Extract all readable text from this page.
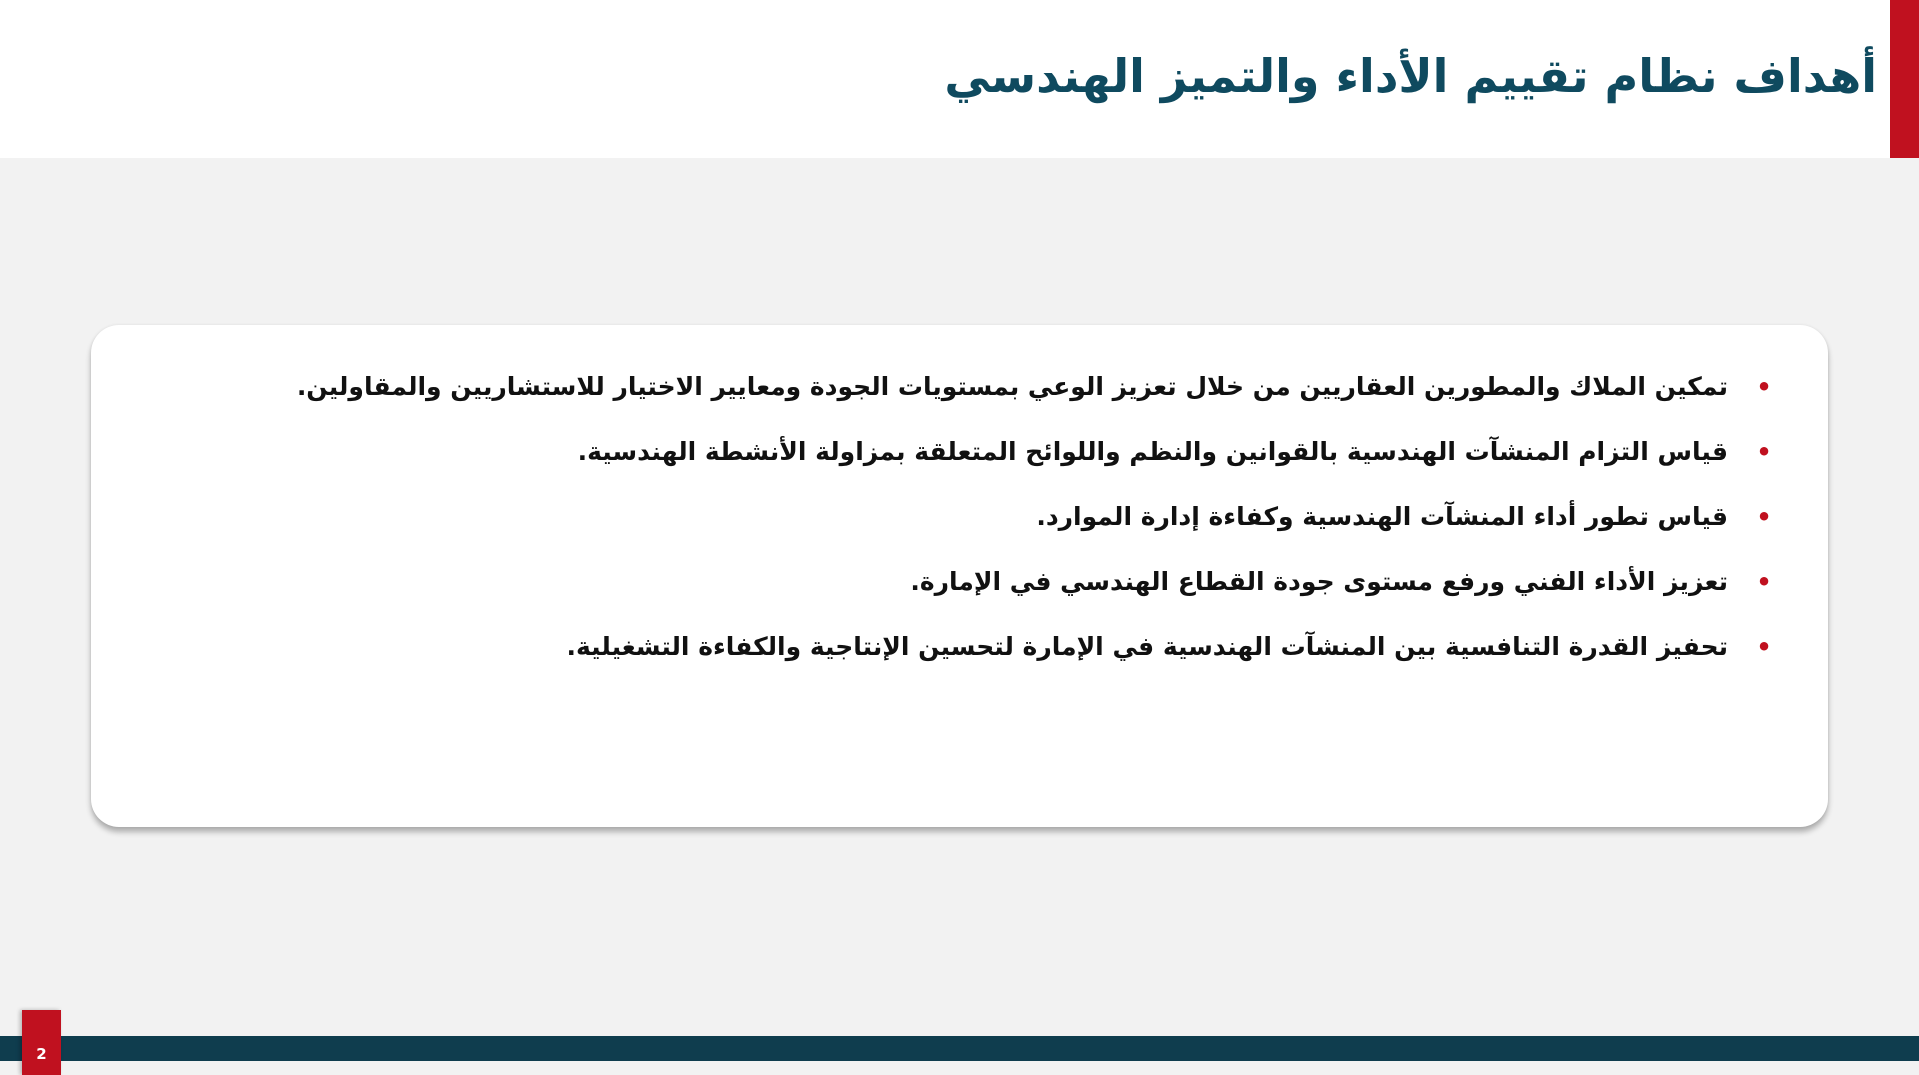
أهداف نظام تقييم الأداء والتميز الهندسي
•
تمكين الملاك والمطورين العقاريين من خلال تعزيز الوعي بمستويات الجودة ومعايير الاختيار للاستشاريين والمقاولين.
•
قياس التزام المنشآت الهندسية بالقوانين والنظم واللوائح المتعلقة بمزاولة الأنشطة الهندسية.
•
قياس تطور أداء المنشآت الهندسية وكفاءة إدارة الموارد.
•
تعزيز الأداء الفني ورفع مستوى جودة القطاع الهندسي في الإمارة.
•
تحفيز القدرة التنافسية بين المنشآت الهندسية في الإمارة لتحسين الإنتاجية والكفاءة التشغيلية.
2
